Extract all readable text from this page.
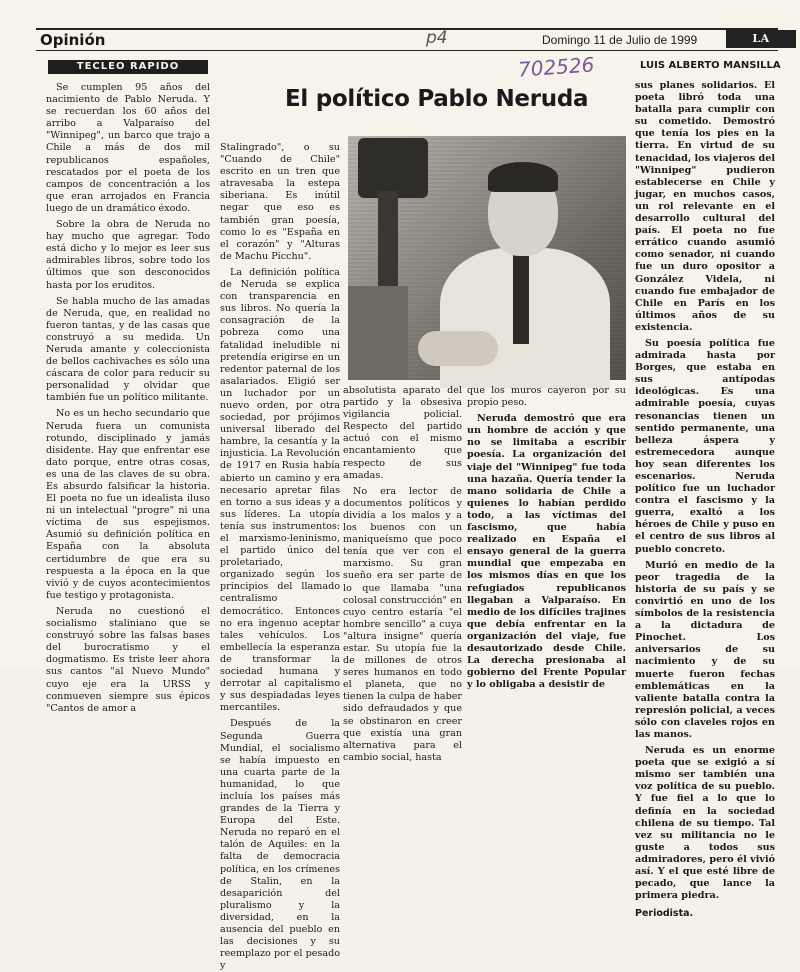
Opinión	p4	Domingo 11 de Julio de 1999	LA NACION
702526
TECLEO RAPIDO	LUIS ALBERTO MANSILLA
El político Pablo Neruda

Se cumplen 95 años del nacimiento de Pablo Neruda. Y se recuerdan los 60 años del arribo a Valparaíso del "Winnipeg", un barco que trajo a Chile a más de dos mil republicanos españoles, rescatados por el poeta de los campos de concentración a los que eran arrojados en Francia luego de un dramático éxodo.

Sobre la obra de Neruda no hay mucho que agregar. Todo está dicho y lo mejor es leer sus admirables libros, sobre todo los últimos que son desconocidos hasta por los eruditos.

Se habla mucho de las amadas de Neruda, que, en realidad no fueron tantas, y de las casas que construyó a su medida. Un Neruda amante y coleccionista de bellos cachivaches es sólo una cáscara de color para reducir su personalidad y olvidar que también fue un político militante.

No es un hecho secundario que Neruda fuera un comunista rotundo, disciplinado y jamás disidente. Hay que enfrentar ese dato porque, entre otras cosas, es una de las claves de su obra. Es absurdo falsificar la historia. El poeta no fue un idealista iluso ni un intelectual "progre" ni una víctima de sus espejismos. Asumió su definición política en España con la absoluta certidumbre de que era su respuesta a la época en la que vivió y de cuyos acontecimientos fue testigo y protagonista.

Neruda no cuestionó el socialismo staliniano que se construyó sobre las falsas bases del burocratismo y el dogmatismo. Es triste leer ahora sus cantos "al Nuevo Mundo" cuyo eje era la URSS y conmueven siempre sus épicos "Cantos de amor a

Stalingrado", o su "Cuando de Chile" escrito en un tren que atravesaba la estepa siberiana. Es inútil negar que eso es también gran poesía, como lo es "España en el corazón" y "Alturas de Machu Picchu".

La definición política de Neruda se explica con transparencia en sus libros. No quería la consagración de la pobreza como una fatalidad ineludible ni pretendía erigirse en un redentor paternal de los asalariados. Eligió ser un luchador por un nuevo orden, por otra sociedad, por prójimos universal liberado del hambre, la cesantía y la injusticia. La Revolución de 1917 en Rusia había abierto un camino y era necesario apretar filas en torno a sus ideas y a sus líderes. La utopía tenía sus instrumentos: el marxismo-leninismo, el partido único del proletariado, organizado según los principios del llamado centralismo democrático. Entonces no era ingenuo aceptar tales vehículos. Los embellecía la esperanza de transformar la sociedad humana y derrotar al capitalismo y sus despiadadas leyes mercantiles.

Después de la Segunda Guerra Mundial, el socialismo se había impuesto en una cuarta parte de la humanidad, lo que incluía los países más grandes de la Tierra y Europa del Este. Neruda no reparó en el talón de Aquiles: en la falta de democracia política, en los crímenes de Stalin, en la desaparición del pluralismo y la diversidad, en la ausencia del pueblo en las decisiones y su reemplazo por el pesado y

absolutista aparato del partido y la obsesiva vigilancia policial. Respecto del partido actuó con el mismo encantamiento que respecto de sus amadas.

No era lector de documentos políticos y dividía a los malos y a los buenos con un maniqueísmo que poco tenía que ver con el marxismo. Su gran sueño era ser parte de lo que llamaba "una colosal construcción" en cuyo centro estaría "el hombre sencillo" a cuya "altura insigne" quería estar. Su utopía fue la de millones de otros seres humanos en todo el planeta, que no tienen la culpa de haber sido defraudados y que se obstinaron en creer que existía una gran alternativa para el cambio social, hasta

que los muros cayeron por su propio peso.

Neruda demostró que era un hombre de acción y que no se limitaba a escribir poesía. La organización del viaje del "Winnipeg" fue toda una hazaña. Quería tender la mano solidaria de Chile a quienes lo habían perdido todo, a las víctimas del fascismo, que había realizado en España el ensayo general de la guerra mundial que empezaba en los mismos días en que los refugiados republicanos llegaban a Valparaíso. En medio de los difíciles trajines que debía enfrentar en la organización del viaje, fue desautorizado desde Chile. La derecha presionaba al gobierno del Frente Popular y lo obligaba a desistir de

sus planes solidarios. El poeta libró toda una batalla para cumplir con su cometido. Demostró que tenía los pies en la tierra. En virtud de su tenacidad, los viajeros del "Winnipeg" pudieron establecerse en Chile y jugar, en muchos casos, un rol relevante en el desarrollo cultural del país. El poeta no fue errático cuando asumió como senador, ni cuando fue un duro opositor a González Videla, ni cuando fue embajador de Chile en París en los últimos años de su existencia.

Su poesía política fue admirada hasta por Borges, que estaba en sus antípodas ideológicas. Es una admirable poesía, cuyas resonancias tienen un sentido permanente, una belleza áspera y estremecedora aunque hoy sean diferentes los escenarios. Neruda político fue un luchador contra el fascismo y la guerra, exaltó a los héroes de Chile y puso en el centro de sus libros al pueblo concreto.

Murió en medio de la peor tragedia de la historia de su país y se convirtió en uno de los símbolos de la resistencia a la dictadura de Pinochet. Los aniversarios de su nacimiento y de su muerte fueron fechas emblemáticas en la valiente batalla contra la represión policial, a veces sólo con claveles rojos en las manos.

Neruda es un enorme poeta que se exigió a sí mismo ser también una voz política de su pueblo. Y fue fiel a lo que lo definía en la sociedad chilena de su tiempo. Tal vez su militancia no le guste a todos sus admiradores, pero él vivió así. Y el que esté libre de pecado, que lance la primera piedra.

Periodista.
